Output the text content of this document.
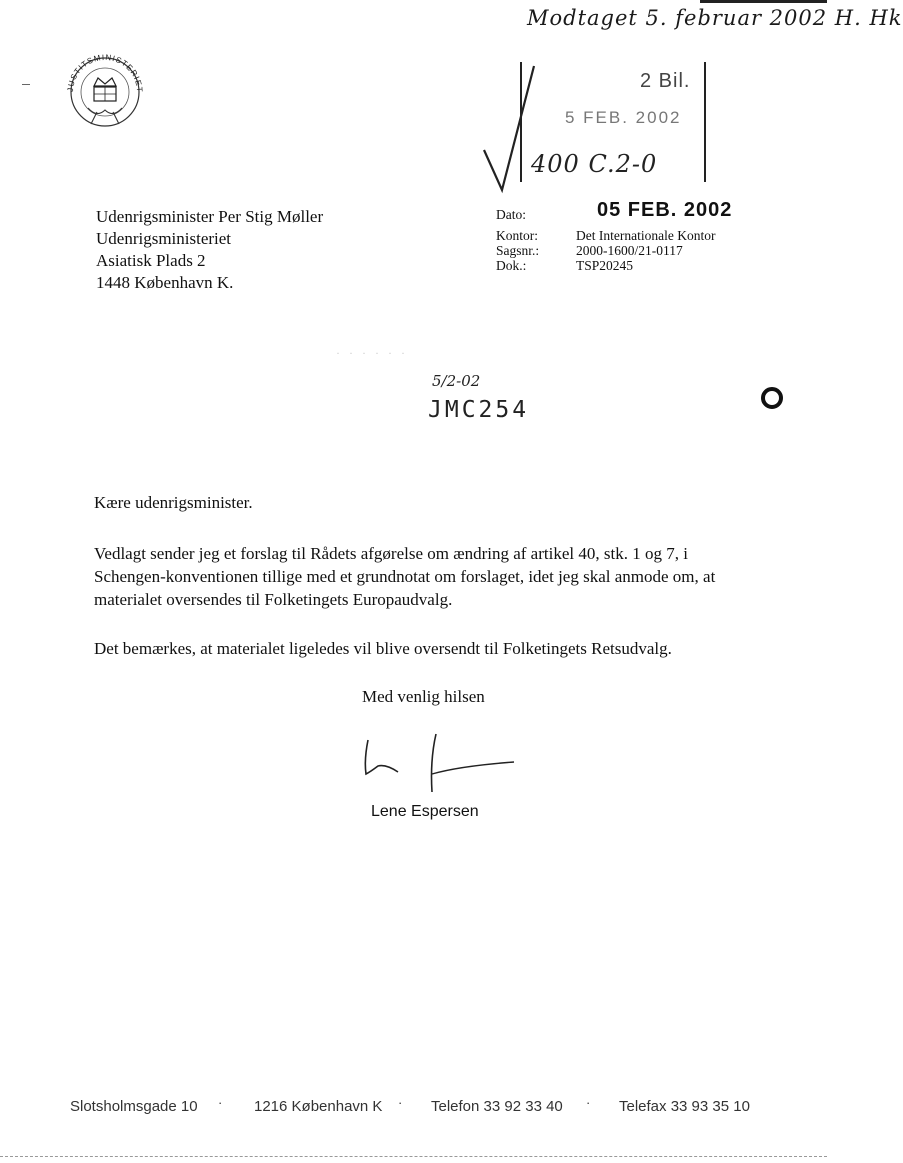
Modtaget 5. februar 2002 H. Hk
JUSTITSMINISTERIET	2 Bil.
5 FEB. 2002
400 C.2-0
Udenrigsminister Per Stig Møller
Udenrigsministeriet
Asiatisk Plads 2
1448 København K.
Dato:	05 FEB. 2002
Kontor:	Det Internationale Kontor
Sagsnr.:	2000-1600/21-0117
Dok.:	TSP20245
· · · · · ·
5/2-02
JMC254
Kære udenrigsminister.
Vedlagt sender jeg et forslag til Rådets afgørelse om ændring af artikel 40, stk. 1 og 7, i Schengen-konventionen tillige med et grundnotat om forslaget, idet jeg skal anmode om, at materialet oversendes til Folketingets Europaudvalg.
Det bemærkes, at materialet ligeledes vil blive oversendt til Folketingets Retsudvalg.
Med venlig hilsen
Lene Espersen
Slotsholmsgade 10 · 1216 København K · Telefon 33 92 33 40 · Telefax 33 93 35 10
